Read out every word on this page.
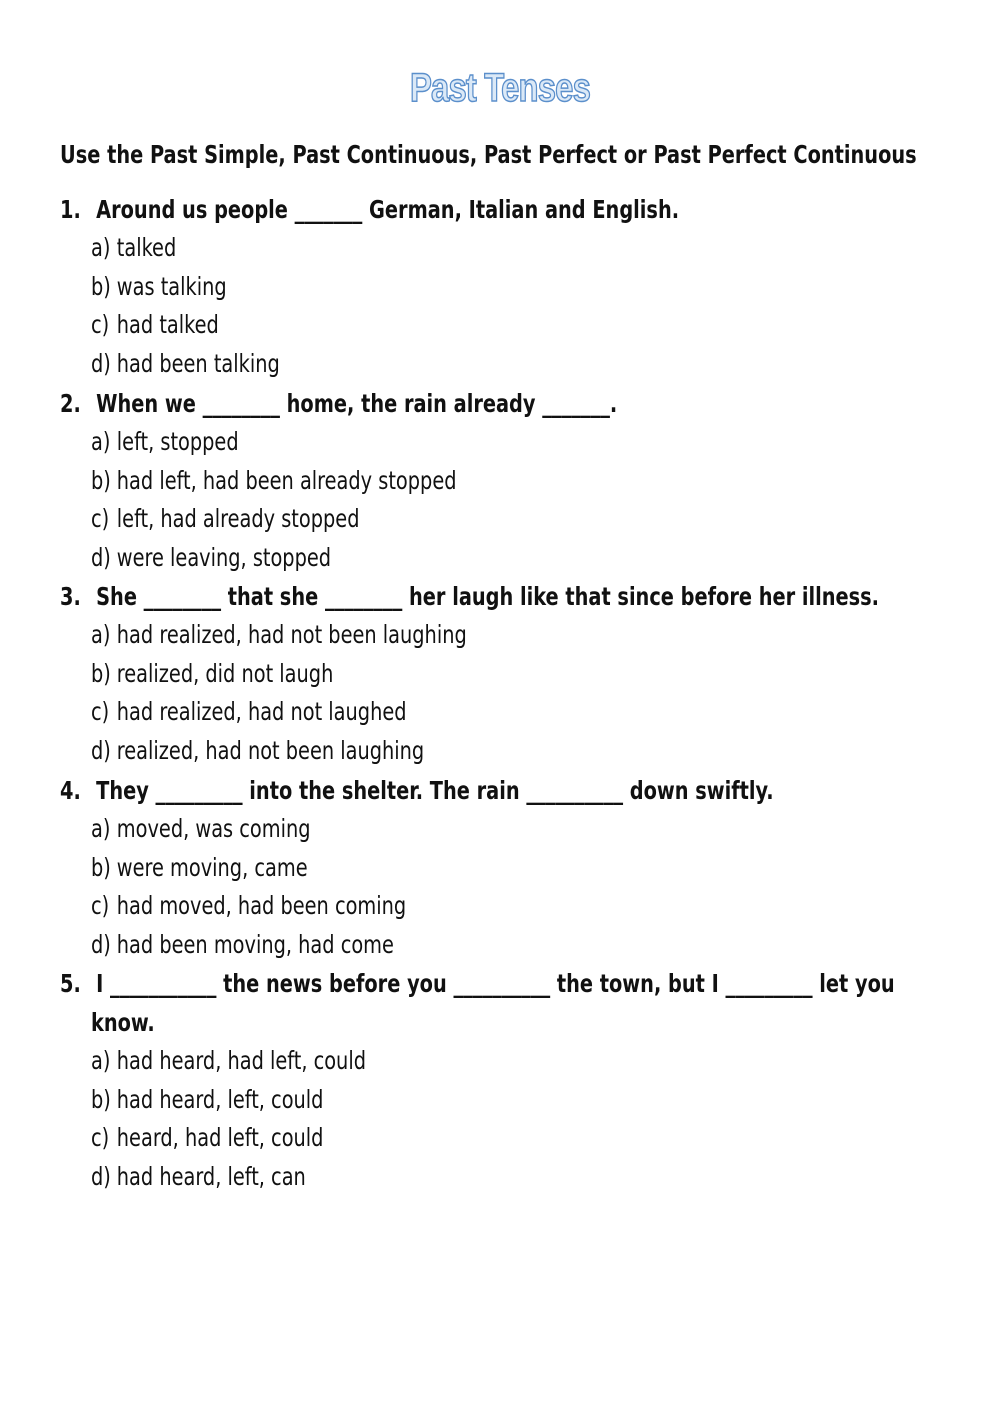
Past Tenses
Use the Past Simple, Past Continuous, Past Perfect or Past Perfect Continuous
1. Around us people _______ German, Italian and English.
a) talked
b) was talking
c) had talked
d) had been talking
2. When we ________ home, the rain already _______.
a) left, stopped
b) had left, had been already stopped
c) left, had already stopped
d) were leaving, stopped
3. She ________ that she ________ her laugh like that since before her illness.
a) had realized, had not been laughing
b) realized, did not laugh
c) had realized, had not laughed
d) realized, had not been laughing
4. They _________ into the shelter. The rain __________ down swiftly.
a) moved, was coming
b) were moving, came
c) had moved, had been coming
d) had been moving, had come
5. I ___________ the news before you __________ the town, but I _________ let you
know.
a) had heard, had left, could
b) had heard, left, could
c) heard, had left, could
d) had heard, left, can
